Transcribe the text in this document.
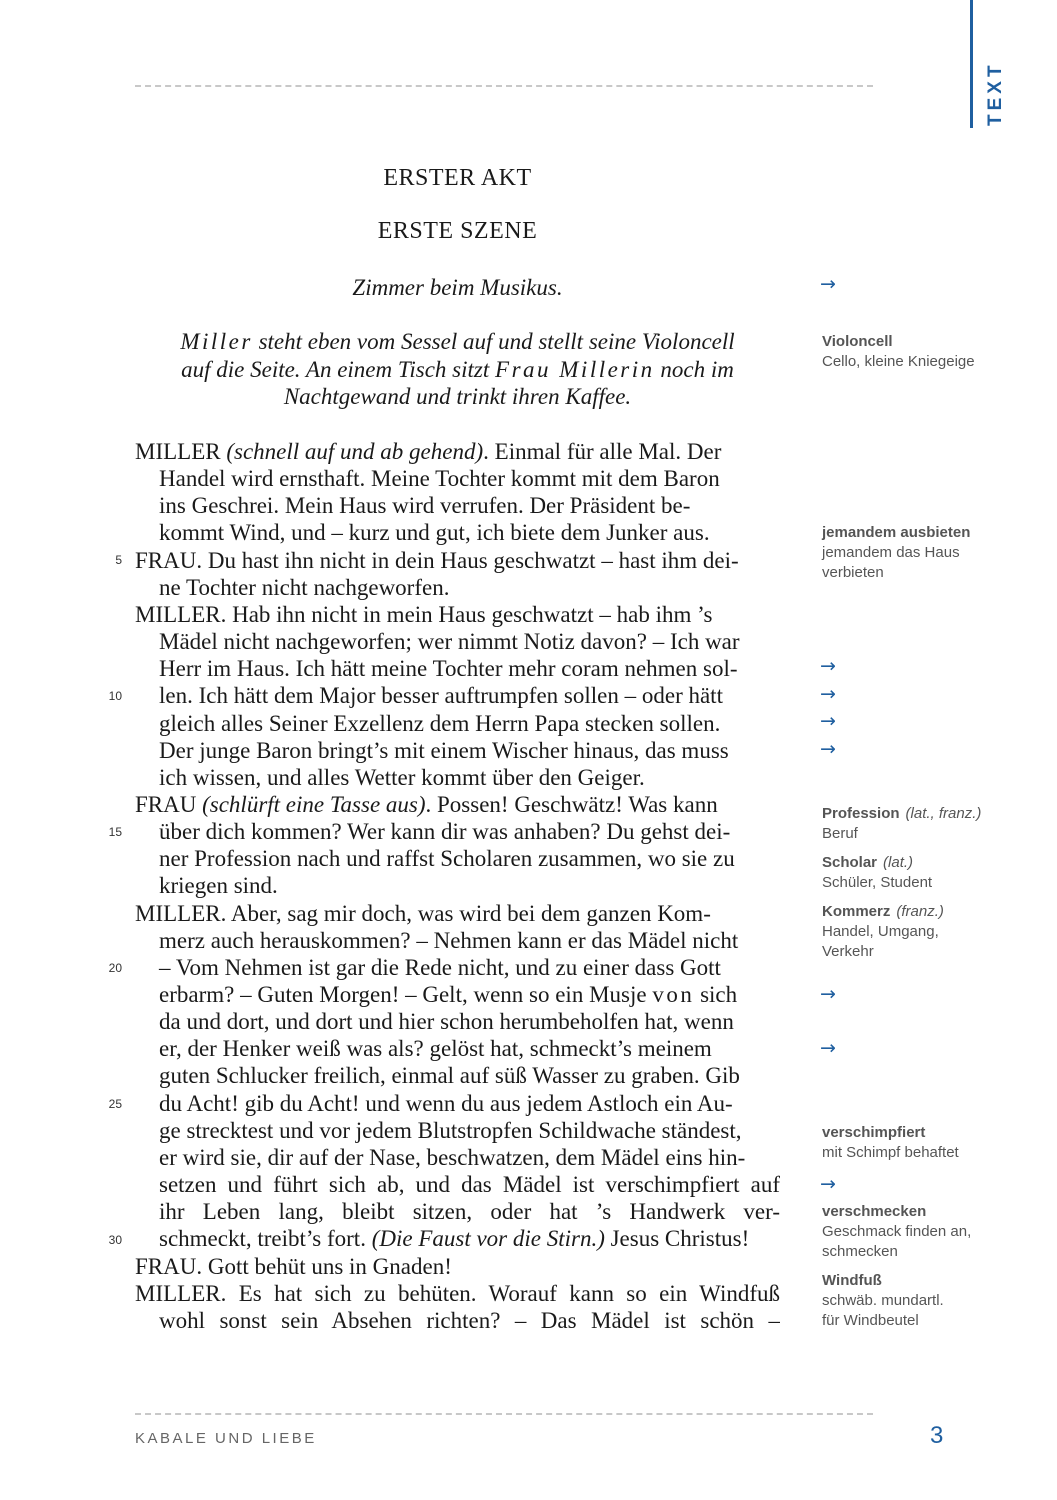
TEXT
ERSTER AKT
ERSTE SZENE
Zimmer beim Musikus.
Miller steht eben vom Sessel auf und stellt seine Violoncell
auf die Seite. An einem Tisch sitzt Frau Millerin noch im
Nachtgewand und trinkt ihren Kaffee.
MILLER (schnell auf und ab gehend). Einmal für alle Mal. Der
Handel wird ernsthaft. Meine Tochter kommt mit dem Baron
ins Geschrei. Mein Haus wird verrufen. Der Präsident be-
kommt Wind, und – kurz und gut, ich biete dem Junker aus.
FRAU. Du hast ihn nicht in dein Haus geschwatzt – hast ihm dei-
ne Tochter nicht nachgeworfen.
MILLER. Hab ihn nicht in mein Haus geschwatzt – hab ihm ’s
Mädel nicht nachgeworfen; wer nimmt Notiz davon? – Ich war
Herr im Haus. Ich hätt meine Tochter mehr coram nehmen sol-
len. Ich hätt dem Major besser auftrumpfen sollen – oder hätt
gleich alles Seiner Exzellenz dem Herrn Papa stecken sollen.
Der junge Baron bringt’s mit einem Wischer hinaus, das muss
ich wissen, und alles Wetter kommt über den Geiger.
FRAU (schlürft eine Tasse aus). Possen! Geschwätz! Was kann
über dich kommen? Wer kann dir was anhaben? Du gehst dei-
ner Profession nach und raffst Scholaren zusammen, wo sie zu
kriegen sind.
MILLER. Aber, sag mir doch, was wird bei dem ganzen Kom-
merz auch herauskommen? – Nehmen kann er das Mädel nicht
– Vom Nehmen ist gar die Rede nicht, und zu einer dass Gott
erbarm? – Guten Morgen! – Gelt, wenn so ein Musje von sich
da und dort, und dort und hier schon herumbeholfen hat, wenn
er, der Henker weiß was als? gelöst hat, schmeckt’s meinem
guten Schlucker freilich, einmal auf süß Wasser zu graben. Gib
du Acht! gib du Acht! und wenn du aus jedem Astloch ein Au-
ge strecktest und vor jedem Blutstropfen Schildwache ständest,
er wird sie, dir auf der Nase, beschwatzen, dem Mädel eins hin-
setzen und führt sich ab, und das Mädel ist verschimpfiert auf
ihr Leben lang, bleibt sitzen, oder hat ’s Handwerk ver-
schmeckt, treibt’s fort. (Die Faust vor die Stirn.) Jesus Christus!
FRAU. Gott behüt uns in Gnaden!
MILLER. Es hat sich zu behüten. Worauf kann so ein Windfuß
wohl sonst sein Absehen richten? – Das Mädel ist schön –
5
10
15
20
25
30
→
→
→
→
→
→
→
→
Violoncell
Cello, kleine Kniegeige
jemandem ausbieten
jemandem das Haus
verbieten
Profession (lat., franz.)
Beruf
Scholar (lat.)
Schüler, Student
Kommerz (franz.)
Handel, Umgang,
Verkehr
verschimpfiert
mit Schimpf behaftet
verschmecken
Geschmack finden an,
schmecken
Windfuß
schwäb. mundartl.
für Windbeutel
KABALE UND LIEBE	3
